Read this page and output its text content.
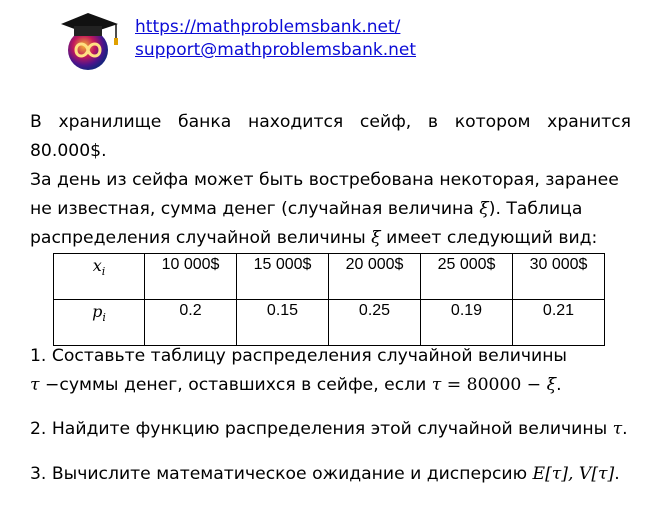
https://mathproblemsbank.net/
support@mathproblemsbank.net
В хранилище банка находится сейф, в котором хранится 80.000$.
За день из сейфа может быть востребована некоторая, заранее
не известная, сумма денег (случайная величина ξ). Таблица
распределения случайной величины ξ имеет следующий вид:
$x_i$	10 000$	15 000$	20 000$	25 000$	30 000$
$p_i$	0.2	0.15	0.25	0.19	0.21
1. Составьте таблицу распределения случайной величины
τ −суммы денег, оставшихся в сейфе, если τ = 80000 − ξ.
2. Найдите функцию распределения этой случайной величины τ.
3. Вычислите математическое ожидание и дисперсию E[τ], V[τ].
